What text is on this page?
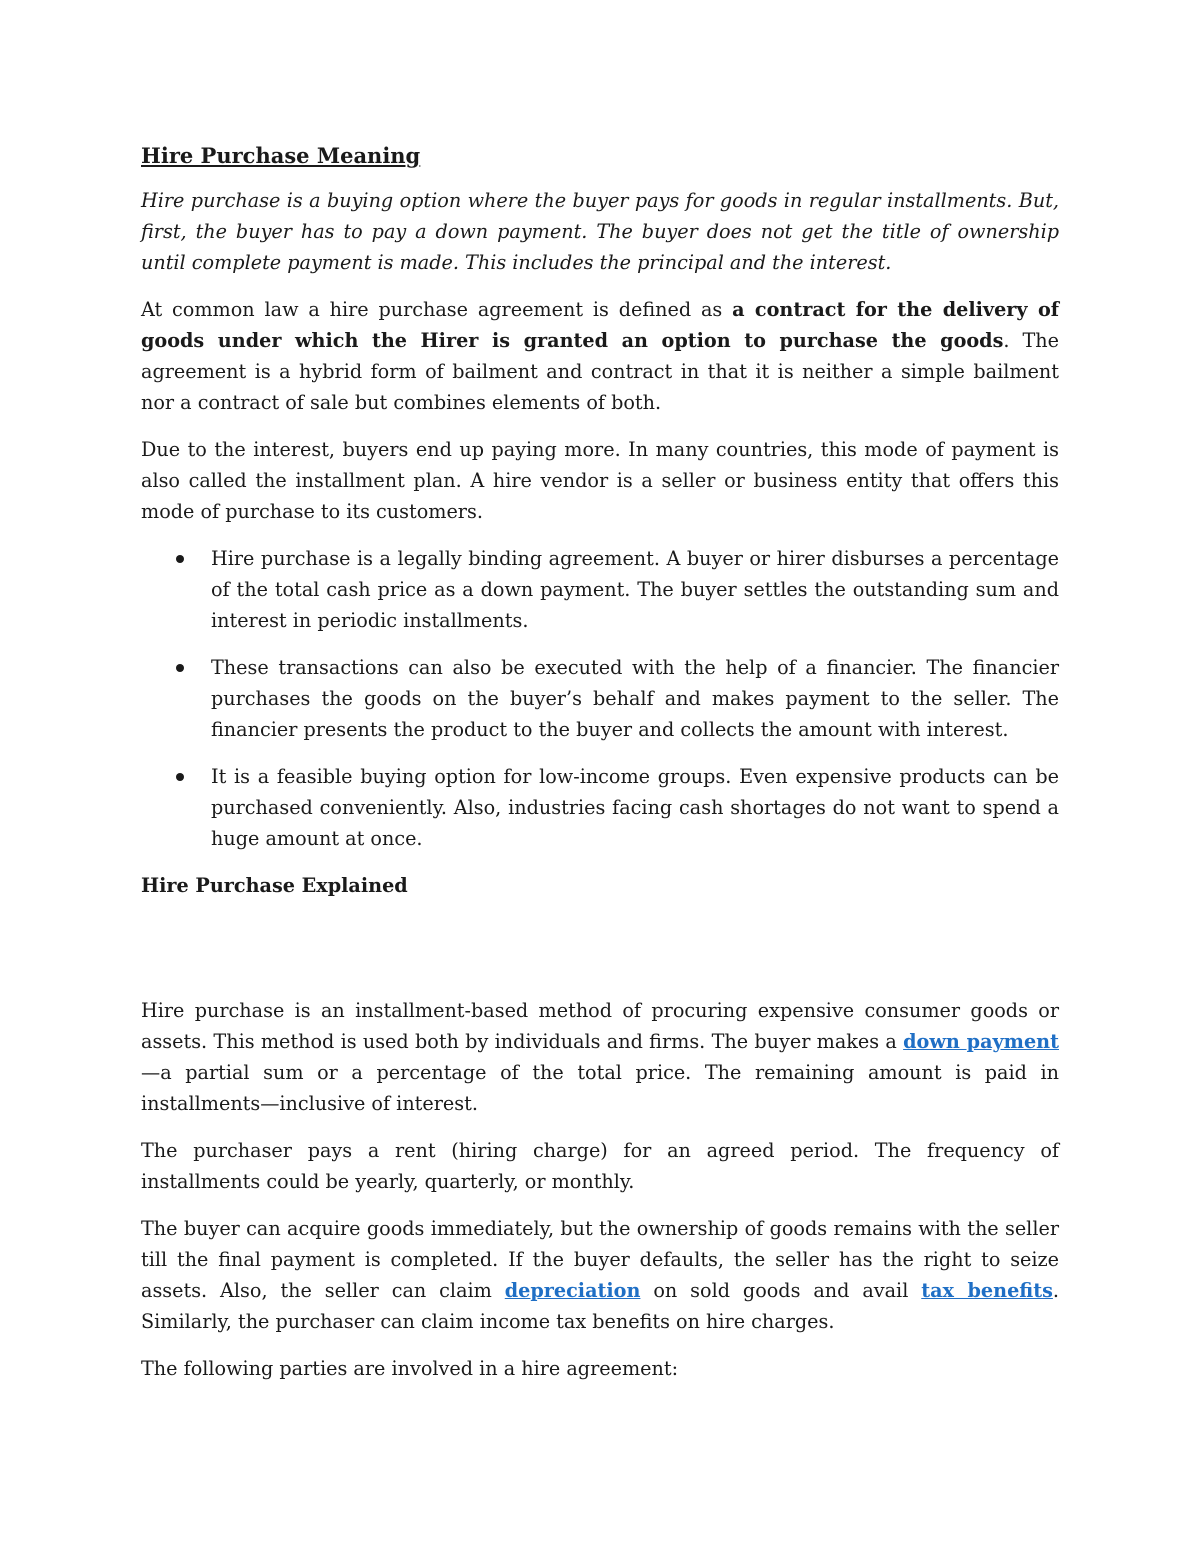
Hire Purchase Meaning

Hire purchase is a buying option where the buyer pays for goods in regular installments. But, first, the buyer has to pay a down payment. The buyer does not get the title of ownership until complete payment is made. This includes the principal and the interest.

At common law a hire purchase agreement is defined as a contract for the delivery of goods under which the Hirer is granted an option to purchase the goods. The agreement is a hybrid form of bailment and contract in that it is neither a simple bailment nor a contract of sale but combines elements of both.

Due to the interest, buyers end up paying more. In many countries, this mode of payment is also called the installment plan. A hire vendor is a seller or business entity that offers this mode of purchase to its customers.

Hire purchase is a legally binding agreement. A buyer or hirer disburses a percentage of the total cash price as a down payment. The buyer settles the outstanding sum and interest in periodic installments.
These transactions can also be executed with the help of a financier. The financier purchases the goods on the buyer’s behalf and makes payment to the seller. The financier presents the product to the buyer and collects the amount with interest.
It is a feasible buying option for low-income groups. Even expensive products can be purchased conveniently. Also, industries facing cash shortages do not want to spend a huge amount at once.

Hire Purchase Explained

Hire purchase is an installment-based method of procuring expensive consumer goods or assets. This method is used both by individuals and firms. The buyer makes a down payment—a partial sum or a percentage of the total price. The remaining amount is paid in installments—inclusive of interest.

The purchaser pays a rent (hiring charge) for an agreed period. The frequency of installments could be yearly, quarterly, or monthly.

The buyer can acquire goods immediately, but the ownership of goods remains with the seller till the final payment is completed. If the buyer defaults, the seller has the right to seize assets. Also, the seller can claim depreciation on sold goods and avail tax benefits. Similarly, the purchaser can claim income tax benefits on hire charges.

The following parties are involved in a hire agreement:
